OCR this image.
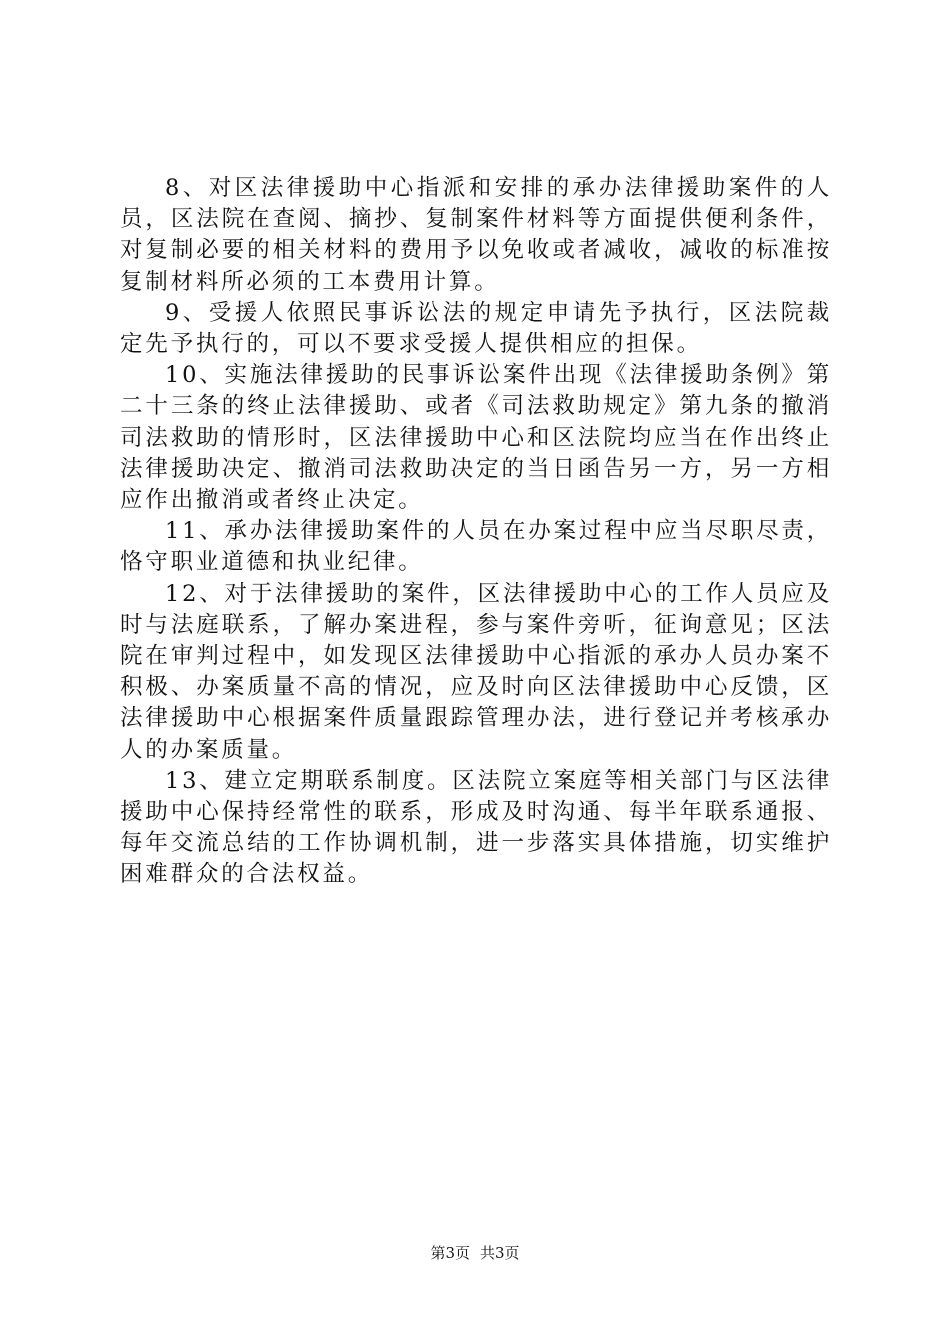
8、对区法律援助中心指派和安排的承办法律援助案件的人员，区法院在查阅、摘抄、复制案件材料等方面提供便利条件，对复制必要的相关材料的费用予以免收或者减收，减收的标准按复制材料所必须的工本费用计算。

9、受援人依照民事诉讼法的规定申请先予执行，区法院裁定先予执行的，可以不要求受援人提供相应的担保。

10、实施法律援助的民事诉讼案件出现《法律援助条例》第二十三条的终止法律援助、或者《司法救助规定》第九条的撤消司法救助的情形时，区法律援助中心和区法院均应当在作出终止法律援助决定、撤消司法救助决定的当日函告另一方，另一方相应作出撤消或者终止决定。

11、承办法律援助案件的人员在办案过程中应当尽职尽责，恪守职业道德和执业纪律。

12、对于法律援助的案件，区法律援助中心的工作人员应及时与法庭联系，了解办案进程，参与案件旁听，征询意见；区法院在审判过程中，如发现区法律援助中心指派的承办人员办案不积极、办案质量不高的情况，应及时向区法律援助中心反馈，区法律援助中心根据案件质量跟踪管理办法，进行登记并考核承办人的办案质量。

13、建立定期联系制度。区法院立案庭等相关部门与区法律援助中心保持经常性的联系，形成及时沟通、每半年联系通报、每年交流总结的工作协调机制，进一步落实具体措施，切实维护困难群众的合法权益。

第3页 共3页
